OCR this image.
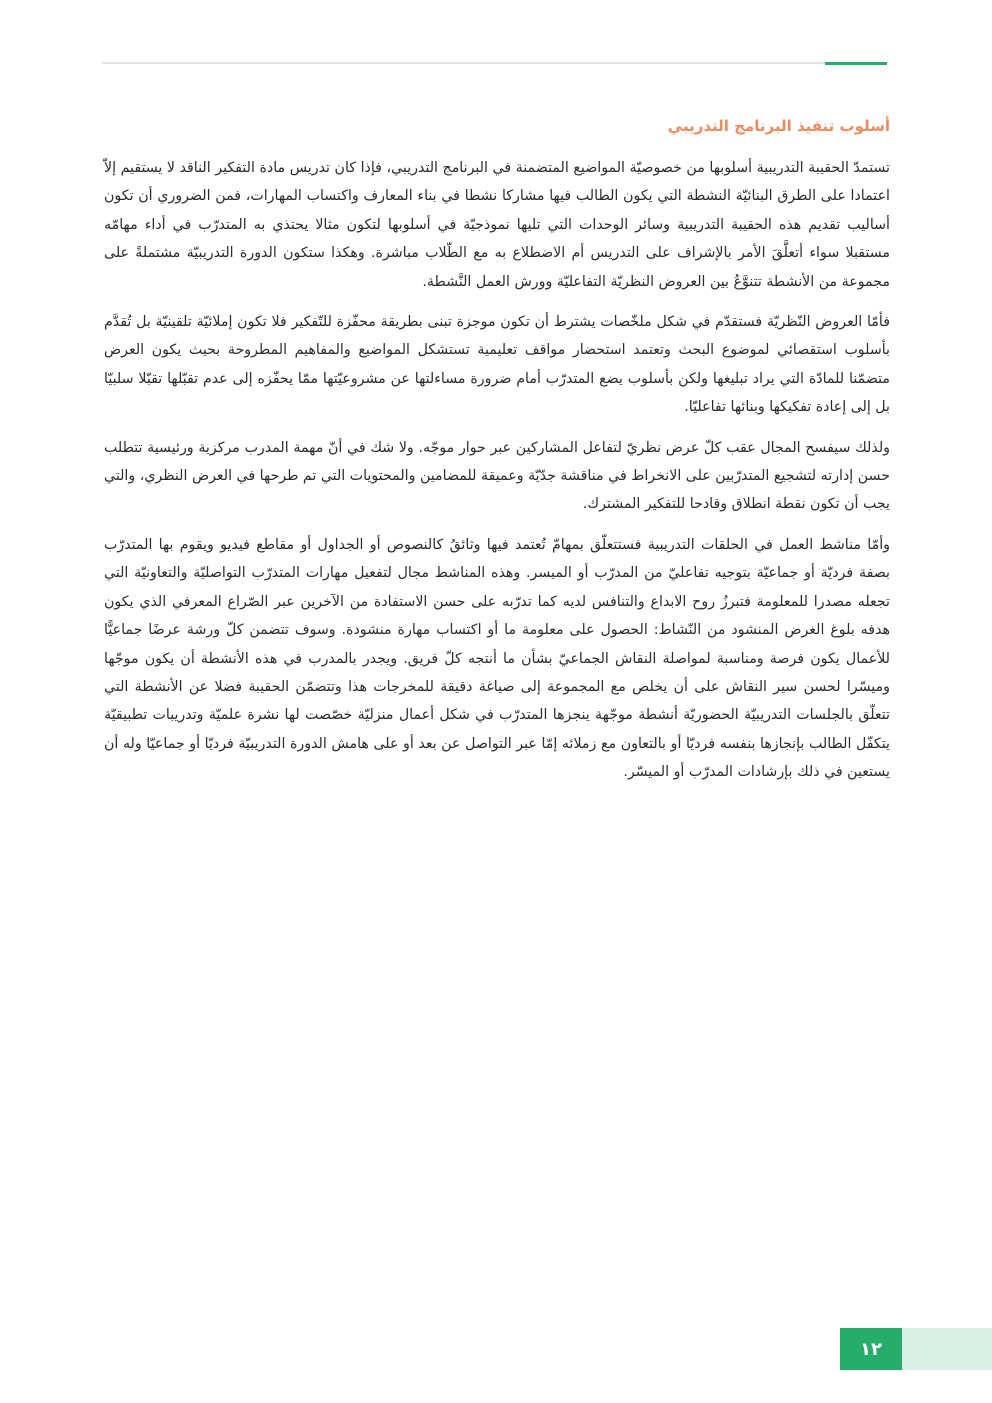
أسلوب تنفيذ البرنامج التدريبي

تستمدّ الحقيبة التدريبية أسلوبها من خصوصيّة المواضيع المتضمنة في البرنامج التدريبي، فإذا كان تدريس مادة التفكير الناقد لا يستقيم إلاّ اعتمادا على الطرق البنائيّة النشطة التي يكون الطالب فيها مشاركا نشطا في بناء المعارف واكتساب المهارات، فمن الضروري أن تكون أساليب تقديم هذه الحقيبة التدريبية وسائر الوحدات التي تليها نموذجيّة في أسلوبها لتكون مثالا يحتذي به المتدرّب في أداء مهامّه مستقبلا سواء أتعلَّقَ الأمر بالإشراف على التدريس أم الاضطلاع به مع الطّلاب مباشرة. وهكذا ستكون الدورة التدريبيّة مشتملةً على مجموعة من الأنشطة تتنوَّعُ بين العروض النظريّة التفاعليّة وورش العمل النَّشطة.

فأمّا العروض النّظريّة فستقدّم في شكل ملخّصات يشترط أن تكون موجزة تبنى بطريقة محفّزة للتّفكير فلا تكون إملائيّة تلقينيّة بل تُقدَّم بأسلوب استقصائي لموضوع البحث وتعتمد استحضار مواقف تعليمية تستشكل المواضيع والمفاهيم المطروحة بحيث يكون العرض متضمّنا للمادّة التي يراد تبليغها ولكن بأسلوب يضع المتدرّب أمام ضرورة مساءلتها عن مشروعيّتها ممّا يحفّزه إلى عدم تقبّلها تقبّلا سلبيّا بل إلى إعادة تفكيكها وبنائها تفاعليّا.

ولذلك سيفسح المجال عقب كلّ عرض نظريّ لتفاعل المشاركين عبر حوار موجّه. ولا شك في أنّ مهمة المدرب مركزية ورئيسية تتطلب حسن إدارته لتشجيع المتدرّبين على الانخراط في مناقشة جدّيّة وعميقة للمضامين والمحتويات التي تم طرحها في العرض النظري، والتي يجب أن تكون نقطة انطلاق وقادحا للتفكير المشترك.

وأمّا مناشط العمل في الحلقات التدريبية فستتعلّق بمهامّ تُعتمد فيها وثائقُ كالنصوص أو الجداول أو مقاطع فيديو ويقوم بها المتدرّب بصفة فرديّة أو جماعيّة بتوجيه تفاعليّ من المدرّب أو الميسر. وهذه المناشط مجال لتفعيل مهارات المتدرّب التواصليّة والتعاونيّة التي تجعله مصدرا للمعلومة فتبرزُ روح الابداع والتنافس لديه كما تدرّبه على حسن الاستفادة من الآخرين عبر الصّراع المعرفي الذي يكون هدفه بلوغ الغرض المنشود من النّشاط: الحصول على معلومة ما أو اكتساب مهارة منشودة. وسوف تتضمن كلّ ورشة عرضًا جماعيًّا للأعمال يكون فرصة ومناسبة لمواصلة النقاش الجماعيّ بشأن ما أنتجه كلّ فريق. ويجدر بالمدرب في هذه الأنشطة أن يكون موجّها وميسّرا لحسن سير النقاش على أن يخلص مع المجموعة إلى صياغة دقيقة للمخرجات هذا وتتضمّن الحقيبة فضلا عن الأنشطة التي تتعلّق بالجلسات التدريبيّة الحضوريّة أنشطة موجّهة ينجزها المتدرّب في شكل أعمال منزليّة خصّصت لها نشرة علميّة وتدريبات تطبيقيّة يتكفّل الطالب بإنجازها بنفسه فرديّا أو بالتعاون مع زملائه إمّا عبر التواصل عن بعد أو على هامش الدورة التدريبيّة فرديّا أو جماعيّا وله أن يستعين في ذلك بإرشادات المدرّب أو الميسّر.

١٢
